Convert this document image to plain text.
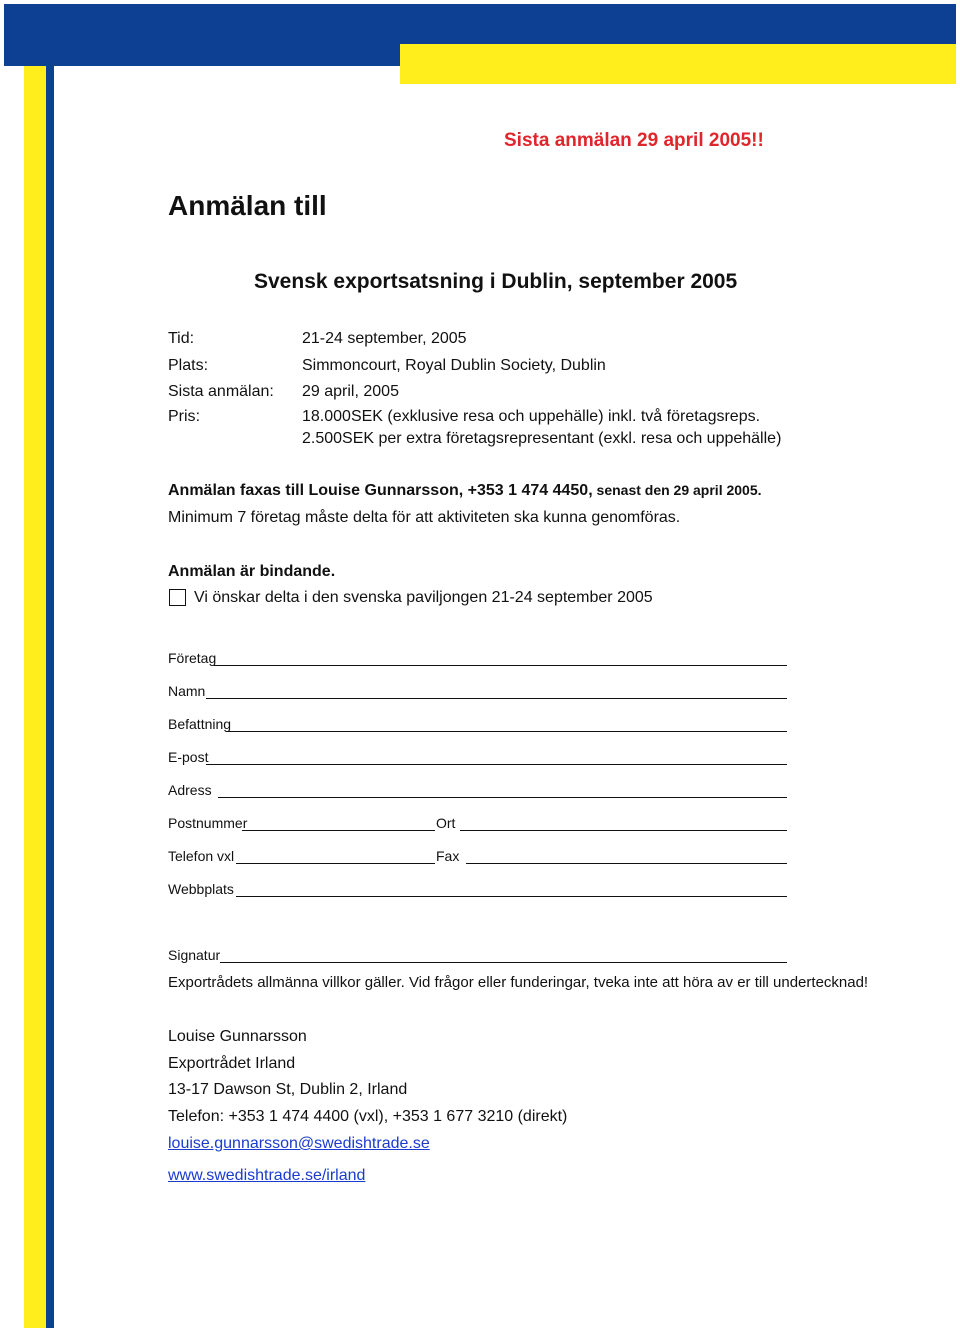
Sista anmälan 29 april 2005!!
Anmälan till
Svensk exportsatsning i Dublin, september 2005
Tid:	21-24 september, 2005
Plats:	Simmoncourt, Royal Dublin Society, Dublin
Sista anmälan: 29 april, 2005
Pris:	18.000SEK (exklusive resa och uppehälle) inkl. två företagsreps.
2.500SEK per extra företagsrepresentant (exkl. resa och uppehälle)
Anmälan faxas till Louise Gunnarsson, +353 1 474 4450, senast den 29 april 2005.
Minimum 7 företag måste delta för att aktiviteten ska kunna genomföras.
Anmälan är bindande.
Vi önskar delta i den svenska paviljongen 21-24 september 2005
Företag
Namn
Befattning
E-post
Adress
Postnummer	Ort
Telefon vxl	Fax
Webbplats
Signatur
Exportrådets allmänna villkor gäller. Vid frågor eller funderingar, tveka inte att höra av er till undertecknad!
Louise Gunnarsson
Exportrådet Irland
13-17 Dawson St, Dublin 2, Irland
Telefon: +353 1 474 4400 (vxl), +353 1 677 3210 (direkt)
louise.gunnarsson@swedishtrade.se
www.swedishtrade.se/irland
